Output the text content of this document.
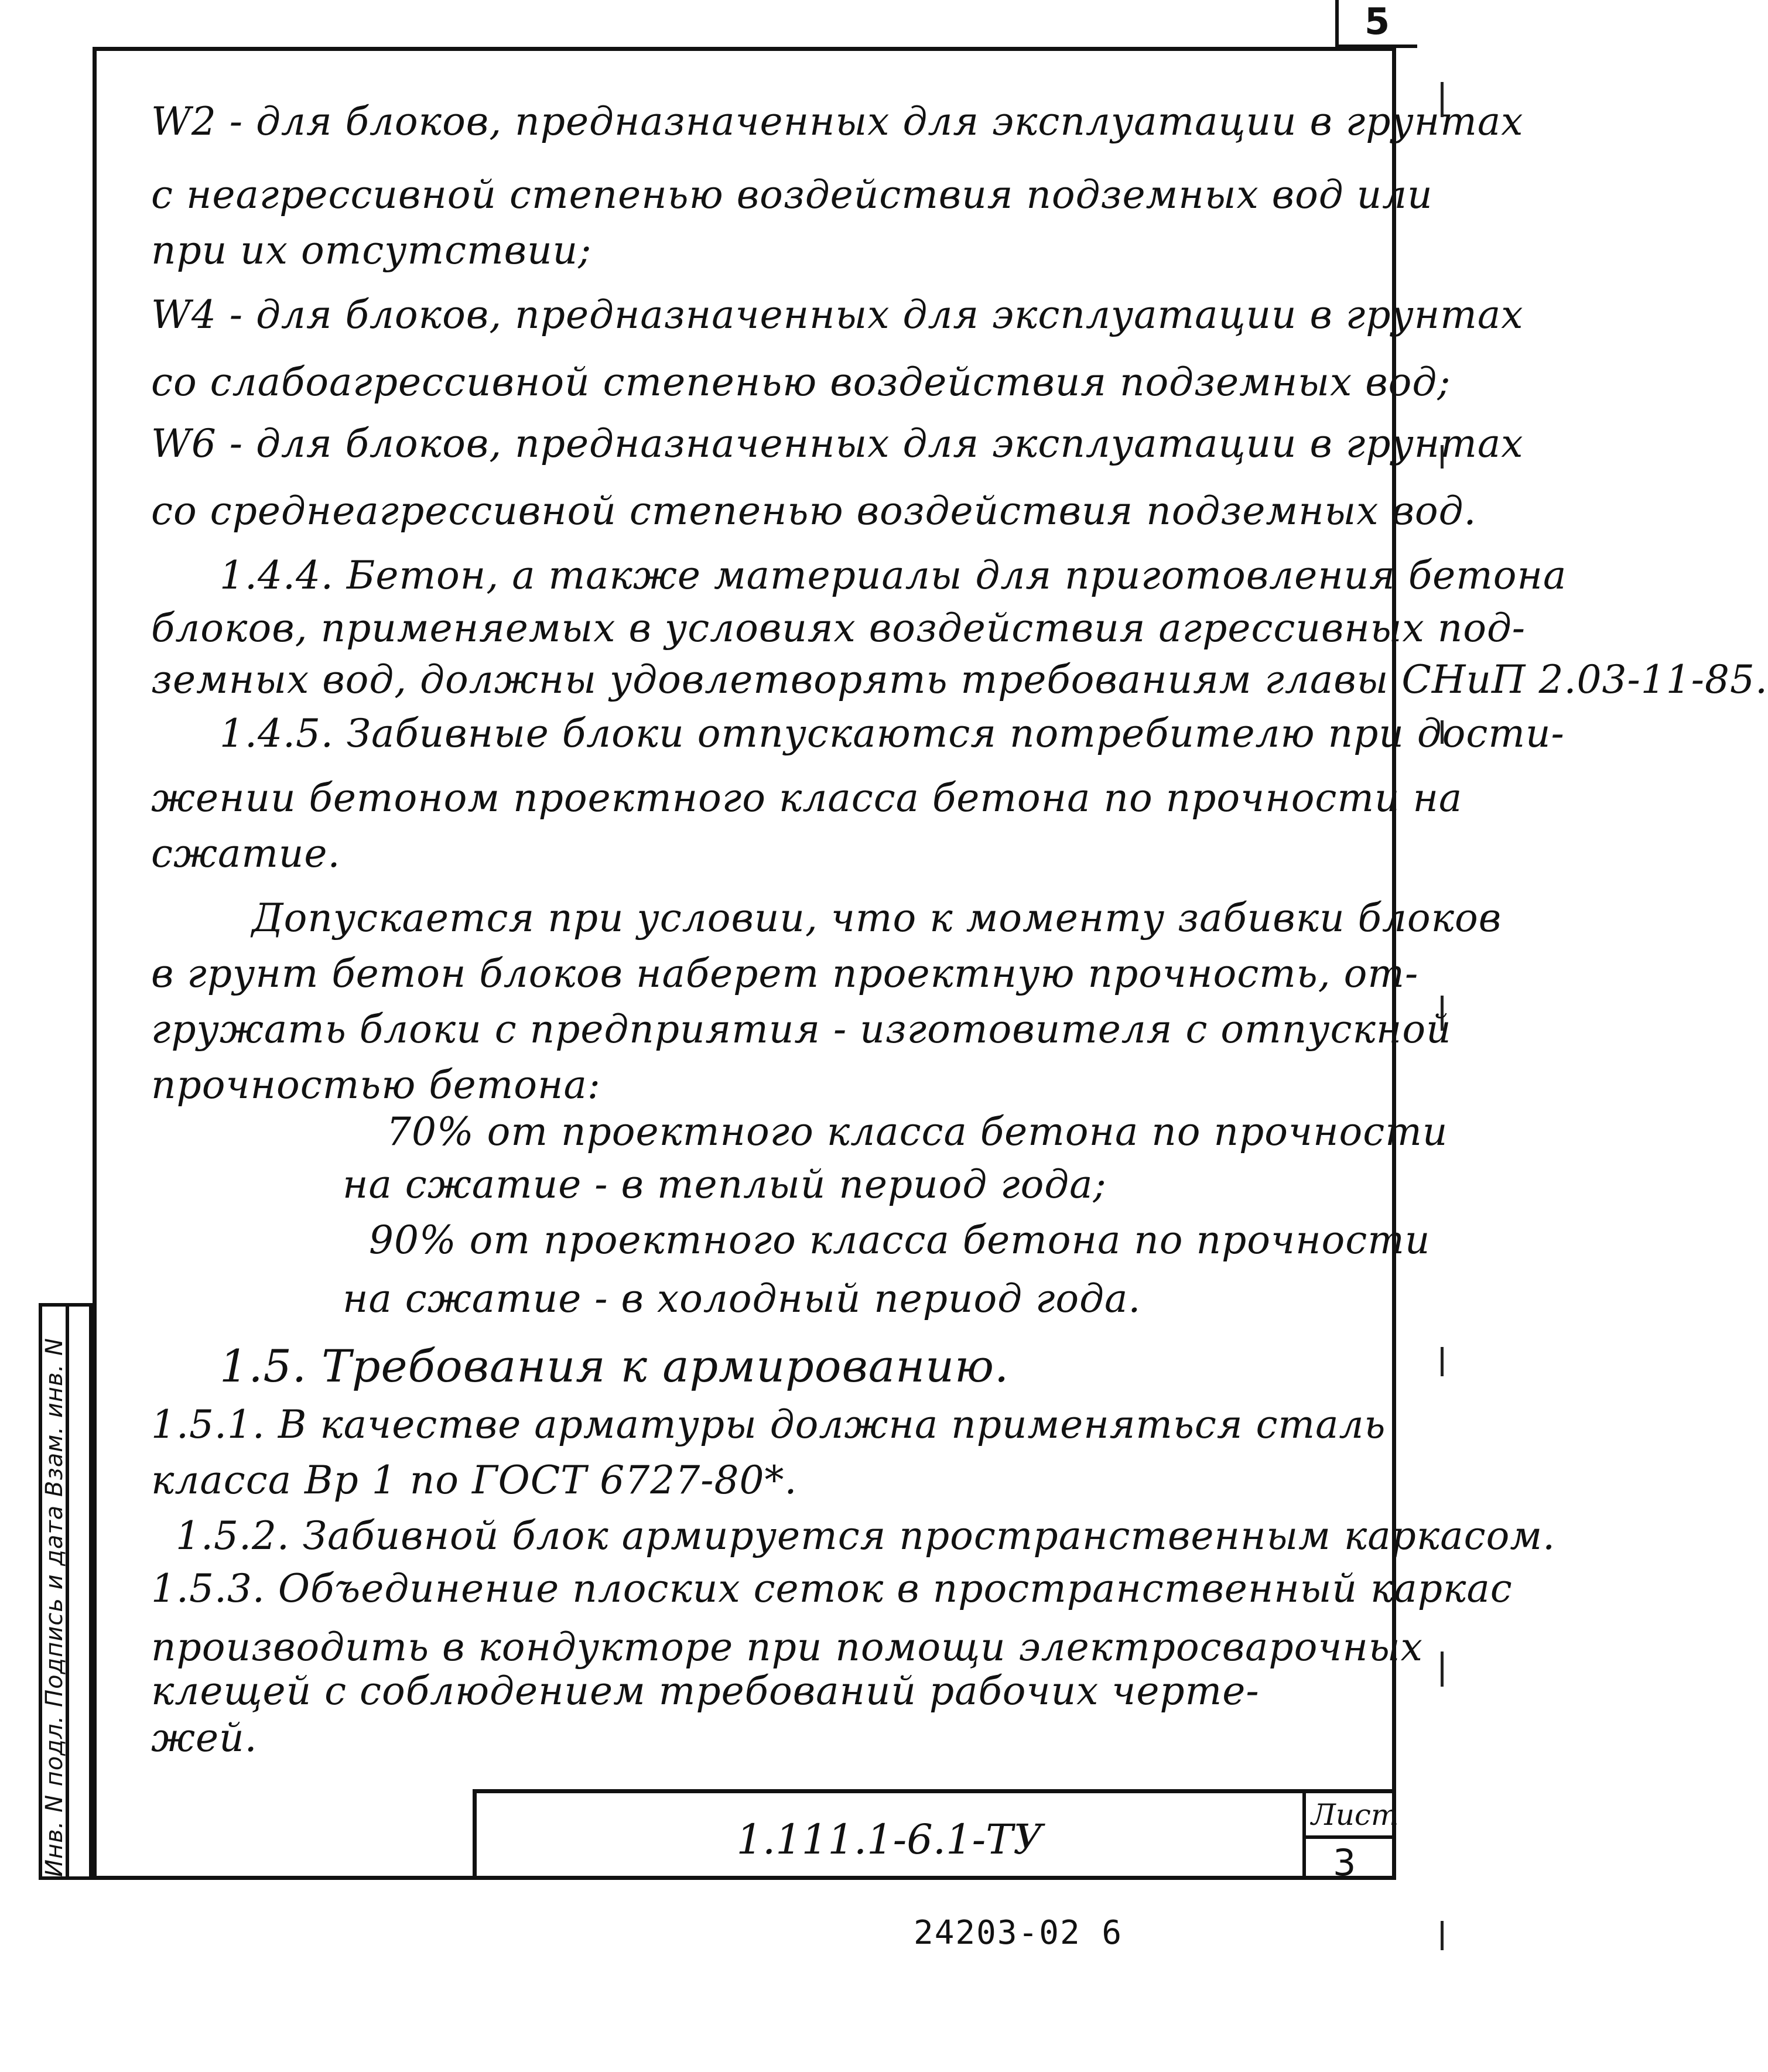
5
W2 - для блоков, предназначенных для эксплуатации в грунтах
с неагрессивной степенью воздействия подземных вод или
при их отсутствии;
W4 - для блоков, предназначенных для эксплуатации в грунтах
со слабоагрессивной степенью воздействия подземных вод;
W6 - для блоков, предназначенных для эксплуатации в грунтах
со среднеагрессивной степенью воздействия подземных вод.
1.4.4. Бетон, а также материалы для приготовления бетона
блоков, применяемых в условиях воздействия агрессивных под-
земных вод, должны удовлетворять требованиям главы СНиП 2.03-11-85.
1.4.5. Забивные блоки отпускаются потребителю при дости-
жении бетоном проектного класса бетона по прочности на
сжатие.
Допускается при условии, что к моменту забивки блоков
в грунт бетон блоков наберет проектную прочность, от-
гружать блоки с предприятия - изготовителя с отпускной
прочностью бетона:
70% от проектного класса бетона по прочности
на сжатие - в теплый период года;
90% от проектного класса бетона по прочности
на сжатие - в холодный период года.
1.5. Требования к армированию.
1.5.1. В качестве арматуры должна применяться сталь
класса Вр 1 по ГОСТ 6727-80*.
1.5.2. Забивной блок армируется пространственным каркасом.
1.5.3. Объединение плоских сеток в пространственный каркас
производить в кондукторе при помощи электросварочных
клещей с соблюдением требований рабочих черте-
жей.
Инв. N подл. Подпись и дата Взам. инв. N	1.111.1-6.1-ТУ
Лист
3
24203-02 6
